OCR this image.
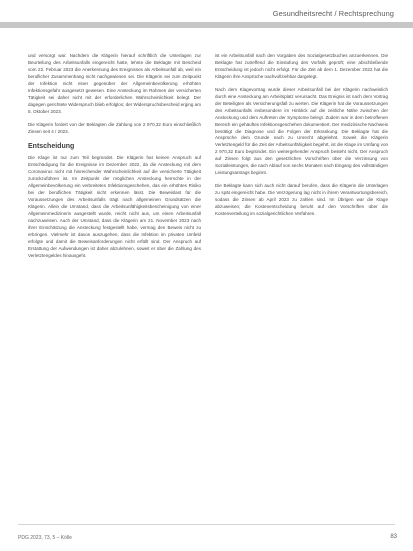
Gesundheitsrecht / Rechtsprechung

und versorgt war. Nachdem die Klägerin hierauf schriftlich die Unterlagen zur Beurteilung des Arbeitsunfalls eingereicht hatte, lehnte die Beklagte mit Bescheid vom 22. Februar 2023 die Anerkennung des Ereignisses als Arbeitsunfall ab, weil ein beruflicher Zusammenhang nicht nachgewiesen sei. Die Klägerin sei zum Zeitpunkt der Infektion nicht einer gegenüber der Allgemeinbevölkerung erhöhten Infektionsgefahr ausgesetzt gewesen. Eine Ansteckung im Rahmen der versicherten Tätigkeit sei daher nicht mit der erforderlichen Wahrscheinlichkeit belegt. Der dagegen gerichtete Widerspruch blieb erfolglos; der Widerspruchsbescheid erging am 5. Oktober 2023.

Die Klägerin fordert von der Beklagten die Zahlung von 2 970,32 Euro einschließlich Zinsen seit 4 / 2023.

Entscheidung

Die Klage ist nur zum Teil begründet. Die Klägerin hat keinen Anspruch auf Entschädigung für die Ereignisse im Dezember 2022, da die Ansteckung mit dem Coronavirus nicht mit hinreichender Wahrscheinlichkeit auf die versicherte Tätigkeit zurückzuführen ist. Im Zeitpunkt der möglichen Ansteckung herrschte in der Allgemeinbevölkerung ein verbreitetes Infektionsgeschehen, das ein erhöhtes Risiko bei der beruflichen Tätigkeit nicht erkennen lässt. Die Beweislast für die Voraussetzungen des Arbeitsunfalls trägt nach allgemeinen Grundsätzen die Klägerin. Allein die Umstand, dass die Arbeitsunfähigkeitsbescheinigung von einer Allgemeinmedizinerin ausgestellt wurde, reicht nicht aus, um einen Arbeitsunfall nachzuweisen. Auch der Umstand, dass die Klägerin am 21. November 2023 nach ihrer Einschätzung die Ansteckung festgestellt habe, vermag den Beweis nicht zu erbringen. Vielmehr ist davon auszugehen, dass die Infektion im privaten Umfeld erfolgte und damit die Beweisanforderungen nicht erfüllt sind. Der Anspruch auf Erstattung der Aufwendungen ist daher abzulehnen, soweit er über die Zahlung des Verletztengeldes hinausgeht.

ist ein Arbeitsunfall nach den Vorgaben des Sozialgesetzbuches anzuerkennen. Die Beklagte hat zutreffend die Einstufung des Vorfalls geprüft; eine abschließende Entscheidung ist jedoch nicht erfolgt. Für die Zeit ab dem 1. Dezember 2022 hat die Klägerin ihre Ansprüche nachvollziehbar dargelegt.

Nach dem Klagevortrag wurde dieser Arbeitsunfall bei der Klägerin nachweislich durch eine Ansteckung am Arbeitsplatz verursacht. Das Ereignis ist nach dem Vortrag der Beteiligten als Versicherungsfall zu werten. Die Klägerin hat die Voraussetzungen des Arbeitsunfalls insbesondere im Hinblick auf die zeitliche Nähe zwischen der Ansteckung und dem Auftreten der Symptome belegt. Zudem war in dem betroffenen Bereich ein gehäuftes Infektionsgeschehen dokumentiert. Der medizinische Nachweis bestätigt die Diagnose und die Folgen der Erkrankung. Die Beklagte hat die Ansprüche dem Grunde nach zu Unrecht abgelehnt. Soweit die Klägerin Verletztengeld für die Zeit der Arbeitsunfähigkeit begehrt, ist die Klage im Umfang von 2 970,32 Euro begründet. Ein weitergehender Anspruch besteht nicht. Der Anspruch auf Zinsen folgt aus den gesetzlichen Vorschriften über die Verzinsung von Sozialleistungen, die nach Ablauf von sechs Monaten nach Eingang des vollständigen Leistungsantrags beginnt.

Die Beklagte kann sich auch nicht darauf berufen, dass die Klägerin die Unterlagen zu spät eingereicht habe. Die Verzögerung lag nicht in ihrem Verantwortungsbereich, sodass die Zinsen ab April 2023 zu zahlen sind. Im Übrigen war die Klage abzuweisen; die Kostenentscheidung beruht auf den Vorschriften über die Kostenverteilung im sozialgerichtlichen Verfahren.

PDG 2023, 73, 5 – Kölle	83
